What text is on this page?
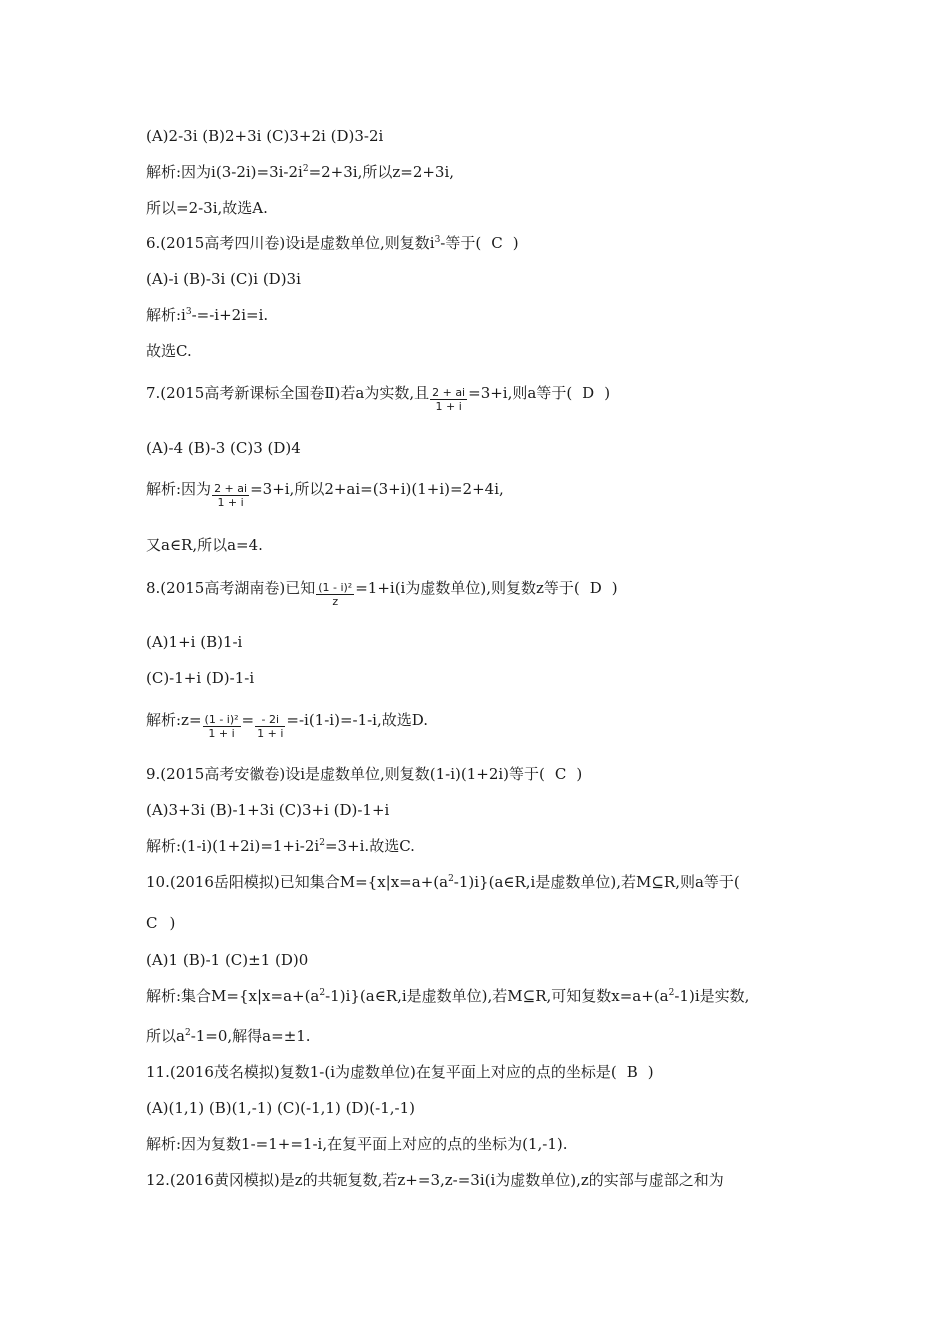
(A)2-3i (B)2+3i (C)3+2i (D)3-2i
解析:因为$i(3-2i)=3i-2i^2=2+3i$,所以z=2+3i,
所以=2-3i,故选A.
6.(2015高考四川卷)设i是虚数单位,则复数$i^3-$等于( C )
(A)-i (B)-3i (C)i (D)3i
解析$:i^3-=-i+2i=i$.
故选C.
7.(2015高考新课标全国卷Ⅱ)若a为实数,且 $\frac{2 + ai}{1 + i} =3+i$,则a等于( D )
(A)-4 (B)-3 (C)3 (D)4
解析:因为 $\frac{2 + ai}{1 + i} =3+i$,所以2+ai=(3+i)(1+i)=2+4i,
又a∈R,所以a=4.
8.(2015高考湖南卷)已知 $\frac{\text{(1 - i)²}}{z} =1+i(i$为虚数单位),则复数z等于( D )
(A)1+i (B)1-i
(C)-1+i (D)-1-i
解析:z= $\frac{\text{(1 - i)²}}{1 + i} = \frac{- 2i}{1 + i} =-i(1-i)=-1-i$,故选D.
9.(2015高考安徽卷)设i是虚数单位,则复数(1-i)(1+2i)等于( C )
(A)3+3i (B)-1+3i (C)3+i (D)-1+i
解析$:(1-i)(1+2i)=1+i-2i^2=3+i$.故选C.
10.(2016岳阳模拟)已知集合$M=\{x|x=a+(a^2-1)i\}(a\in R,i$是虚数单位),若M⊆R,则a等于(
C )
(A)1 (B)-1 (C)±1 (D)0
解析:集合$M=\{x|x=a+(a^2-1)i\}(a\in R,i$是虚数单位),若M⊆R,可知复数$x=a+(a^2-1)i$是实数,
所以$a^2-1=0$,解得a=±1.
11.(2016茂名模拟)复数1-(i为虚数单位)在复平面上对应的点的坐标是( B )
(A)(1,1) (B)(1,-1) (C)(-1,1) (D)(-1,-1)
解析:因为复数1-=1+=1-i,在复平面上对应的点的坐标为(1,-1).
12.(2016黄冈模拟)是z的共轭复数,若z+=3,z-=3i(i为虚数单位),z的实部与虚部之和为
